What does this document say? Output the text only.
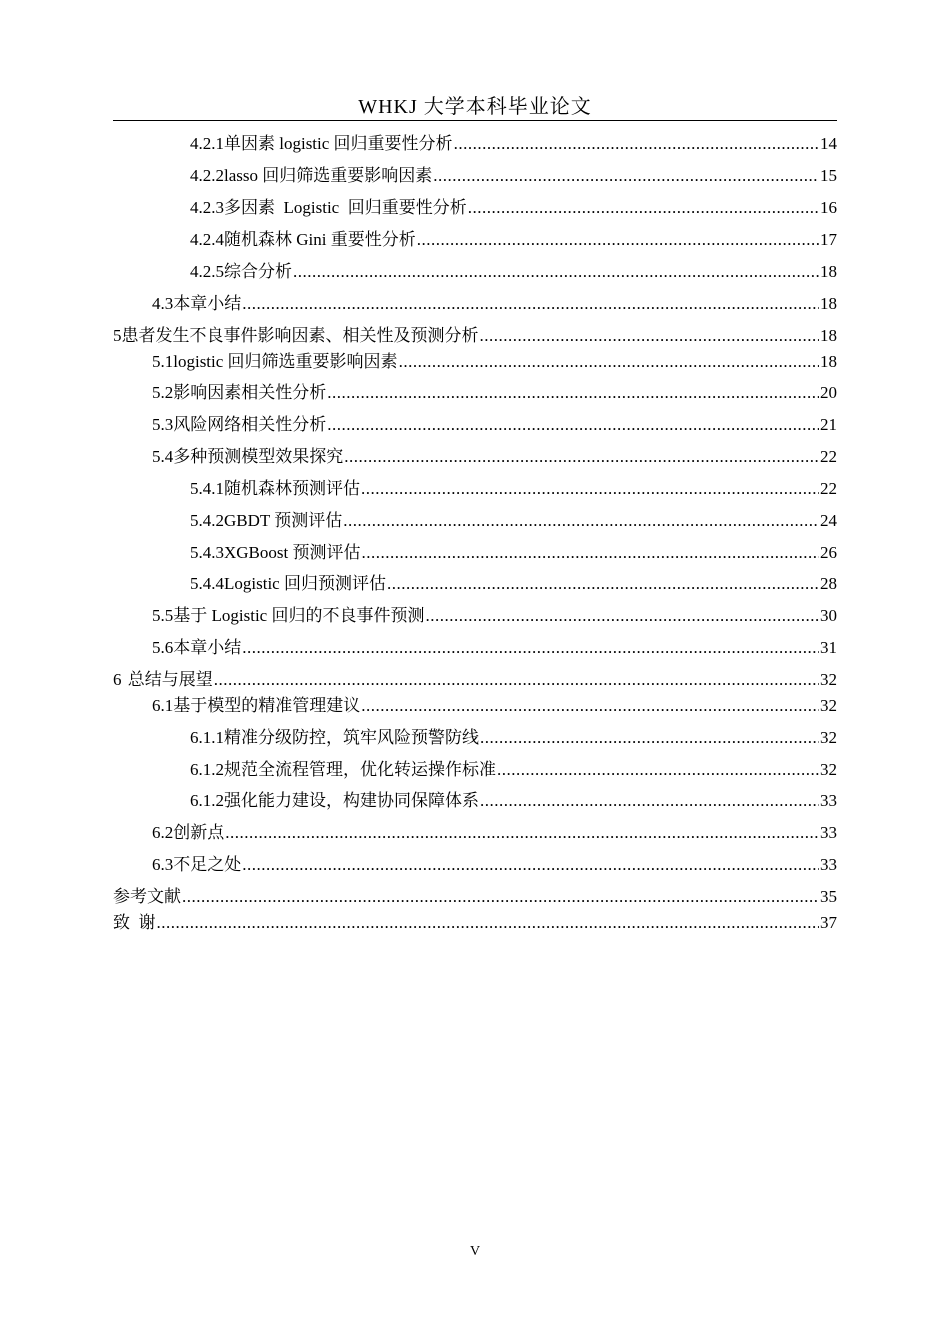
WHKJ 大学本科毕业论文
4.2.1 单因素 logistic 回归重要性分析 .....	14
4.2.2 lasso 回归筛选重要影响因素 .....	15
4.2.3 多因素  Logistic  回归重要性分析 .....	16
4.2.4 随机森林 Gini 重要性分析 .....	17
4.2.5 综合分析 .....	18
4.3 本章小结 .....	18
5 患者发生不良事件影响因素、相关性及预测分析 .....	18
5.1 logistic 回归筛选重要影响因素 .....	18
5.2 影响因素相关性分析 .....	20
5.3 风险网络相关性分析 .....	21
5.4 多种预测模型效果探究 .....	22
5.4.1 随机森林预测评估 .....	22
5.4.2 GBDT 预测评估 .....	24
5.4.3 XGBoost 预测评估 .....	26
5.4.4 Logistic 回归预测评估 .....	28
5.5 基于 Logistic 回归的不良事件预测 .....	30
5.6 本章小结 .....	31
6 总结与展望 .....	32
6.1 基于模型的精准管理建议 .....	32
6.1.1 精准分级防控，筑牢风险预警防线 .....	32
6.1.2 规范全流程管理，优化转运操作标准 .....	32
6.1.2 强化能力建设，构建协同保障体系 .....	33
6.2 创新点 .....	33
6.3 不足之处 .....	33
参考文献 .....	35
致  谢 .....	37
V
